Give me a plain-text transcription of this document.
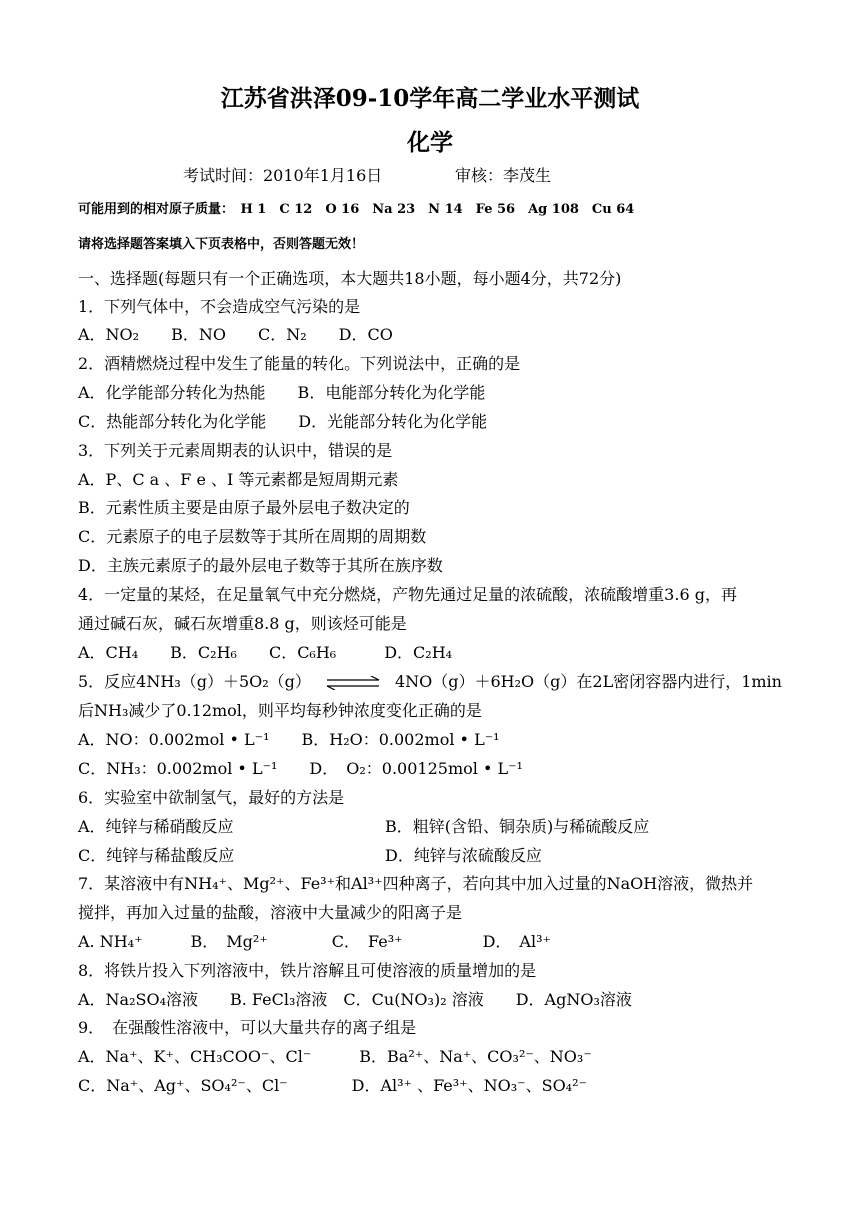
江苏省洪泽09-10学年高二学业水平测试
化学
考试时间：2010年1月16日	审核：李茂生
可能用到的相对原子质量：　H 1　C 12　O 16　Na 23　N 14　Fe 56　Ag 108　Cu 64
请将选择题答案填入下页表格中，否则答题无效！
一、选择题(每题只有一个正确选项，本大题共18小题，每小题4分，共72分)
1．下列气体中，不会造成空气污染的是
A．NO₂　　B．NO　　C．N₂　　D．CO
2．酒精燃烧过程中发生了能量的转化。下列说法中，正确的是
A．化学能部分转化为热能　　B．电能部分转化为化学能
C．热能部分转化为化学能　　D．光能部分转化为化学能
3．下列关于元素周期表的认识中，错误的是
A．P、C a 、F e 、I 等元素都是短周期元素
B．元素性质主要是由原子最外层电子数决定的
C．元素原子的电子层数等于其所在周期的周期数
D．主族元素原子的最外层电子数等于其所在族序数
4．一定量的某烃，在足量氧气中充分燃烧，产物先通过足量的浓硫酸，浓硫酸增重3.6 g，再
通过碱石灰，碱石灰增重8.8 g，则该烃可能是
A．CH₄　　B．C₂H₆　　C．C₆H₆　　　D．C₂H₄
5．反应4NH₃（g）＋5O₂（g） ⇌ 4NO（g）＋6H₂O（g）在2L密闭容器内进行，1min
后NH₃减少了0.12mol，则平均每秒钟浓度变化正确的是
A．NO：0.002mol • L⁻¹　　B．H₂O：0.002mol • L⁻¹
C．NH₃：0.002mol • L⁻¹　　D．　O₂：0.00125mol • L⁻¹
6．实验室中欲制氢气，最好的方法是
A．纯锌与稀硝酸反应	B．粗锌(含铅、铜杂质)与稀硫酸反应
C．纯锌与稀盐酸反应	D．纯锌与浓硫酸反应
7．某溶液中有NH₄⁺、Mg²⁺、Fe³⁺和Al³⁺四种离子，若向其中加入过量的NaOH溶液，微热并
搅拌，再加入过量的盐酸，溶液中大量减少的阳离子是
A. NH₄⁺　　　B．　Mg²⁺　　　　C．　Fe³⁺　　　　　D．　Al³⁺
8．将铁片投入下列溶液中，铁片溶解且可使溶液的质量增加的是
A．Na₂SO₄溶液　　B. FeCl₃溶液　C．Cu(NO₃)₂ 溶液　　D．AgNO₃溶液
9．　在强酸性溶液中，可以大量共存的离子组是
A．Na⁺、K⁺、CH₃COO⁻、Cl⁻　　　B．Ba²⁺、Na⁺、CO₃²⁻、NO₃⁻
C．Na⁺、Ag⁺、SO₄²⁻、Cl⁻　　　　D．Al³⁺ 、Fe³⁺、NO₃⁻、SO₄²⁻
